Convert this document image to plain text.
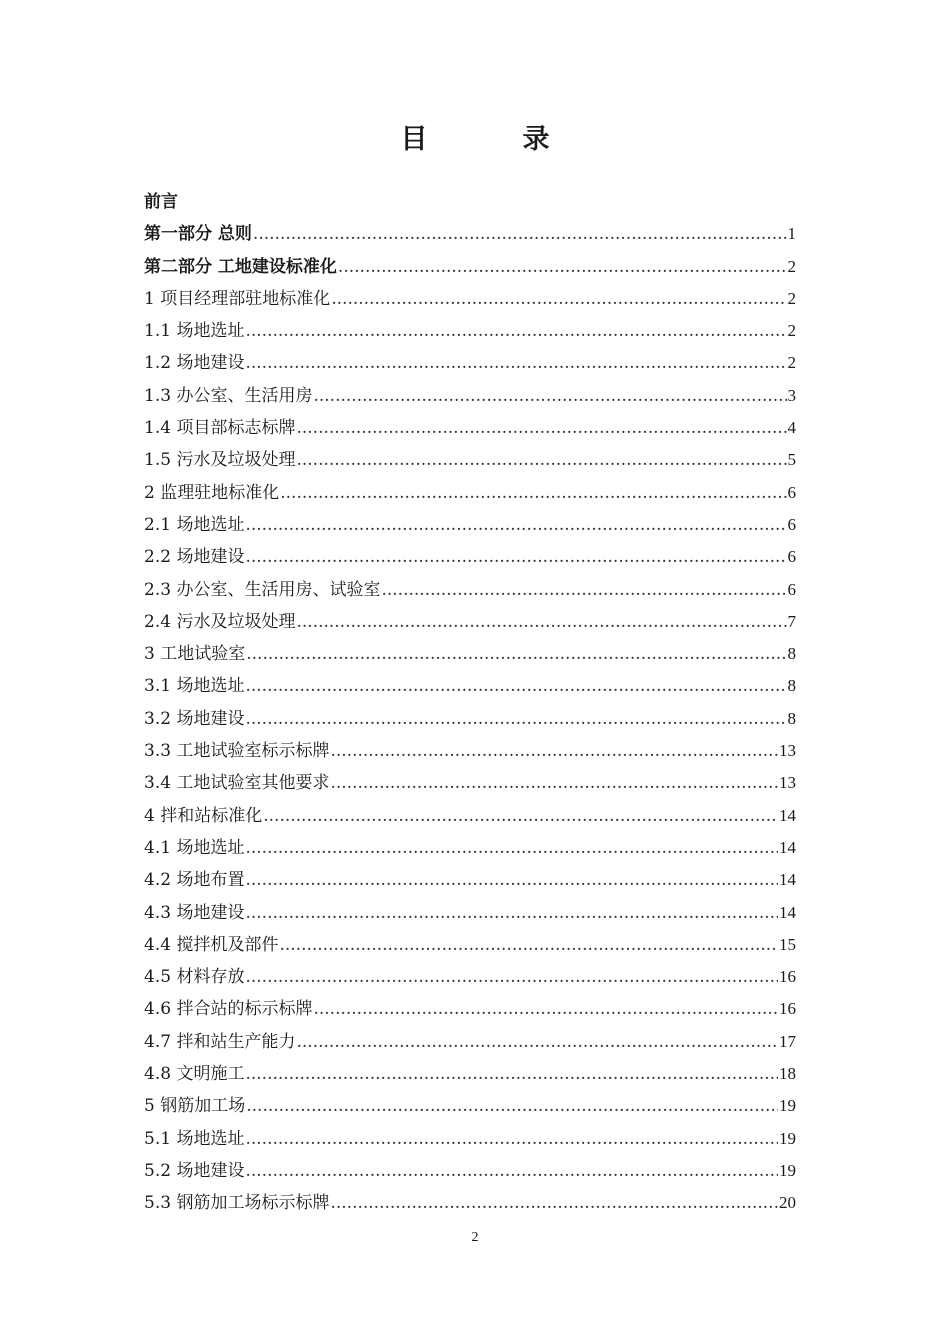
目　录
前言
第一部分 总则 .....	1
第二部分 工地建设标准化 .....	2
1 项目经理部驻地标准化 .....	2
1.1 场地选址 .....	2
1.2 场地建设 .....	2
1.3 办公室、生活用房 .....	3
1.4 项目部标志标牌 .....	4
1.5 污水及垃圾处理 .....	5
2 监理驻地标准化 .....	6
2.1 场地选址 .....	6
2.2 场地建设 .....	6
2.3 办公室、生活用房、试验室 .....	6
2.4 污水及垃圾处理 .....	7
3 工地试验室 .....	8
3.1 场地选址 .....	8
3.2 场地建设 .....	8
3.3 工地试验室标示标牌 .....	13
3.4 工地试验室其他要求 .....	13
4 拌和站标准化 .....	14
4.1 场地选址 .....	14
4.2 场地布置 .....	14
4.3 场地建设 .....	14
4.4 搅拌机及部件 .....	15
4.5 材料存放 .....	16
4.6 拌合站的标示标牌 .....	16
4.7 拌和站生产能力 .....	17
4.8 文明施工 .....	18
5 钢筋加工场 .....	19
5.1 场地选址 .....	19
5.2 场地建设 .....	19
5.3 钢筋加工场标示标牌 .....	20
2
